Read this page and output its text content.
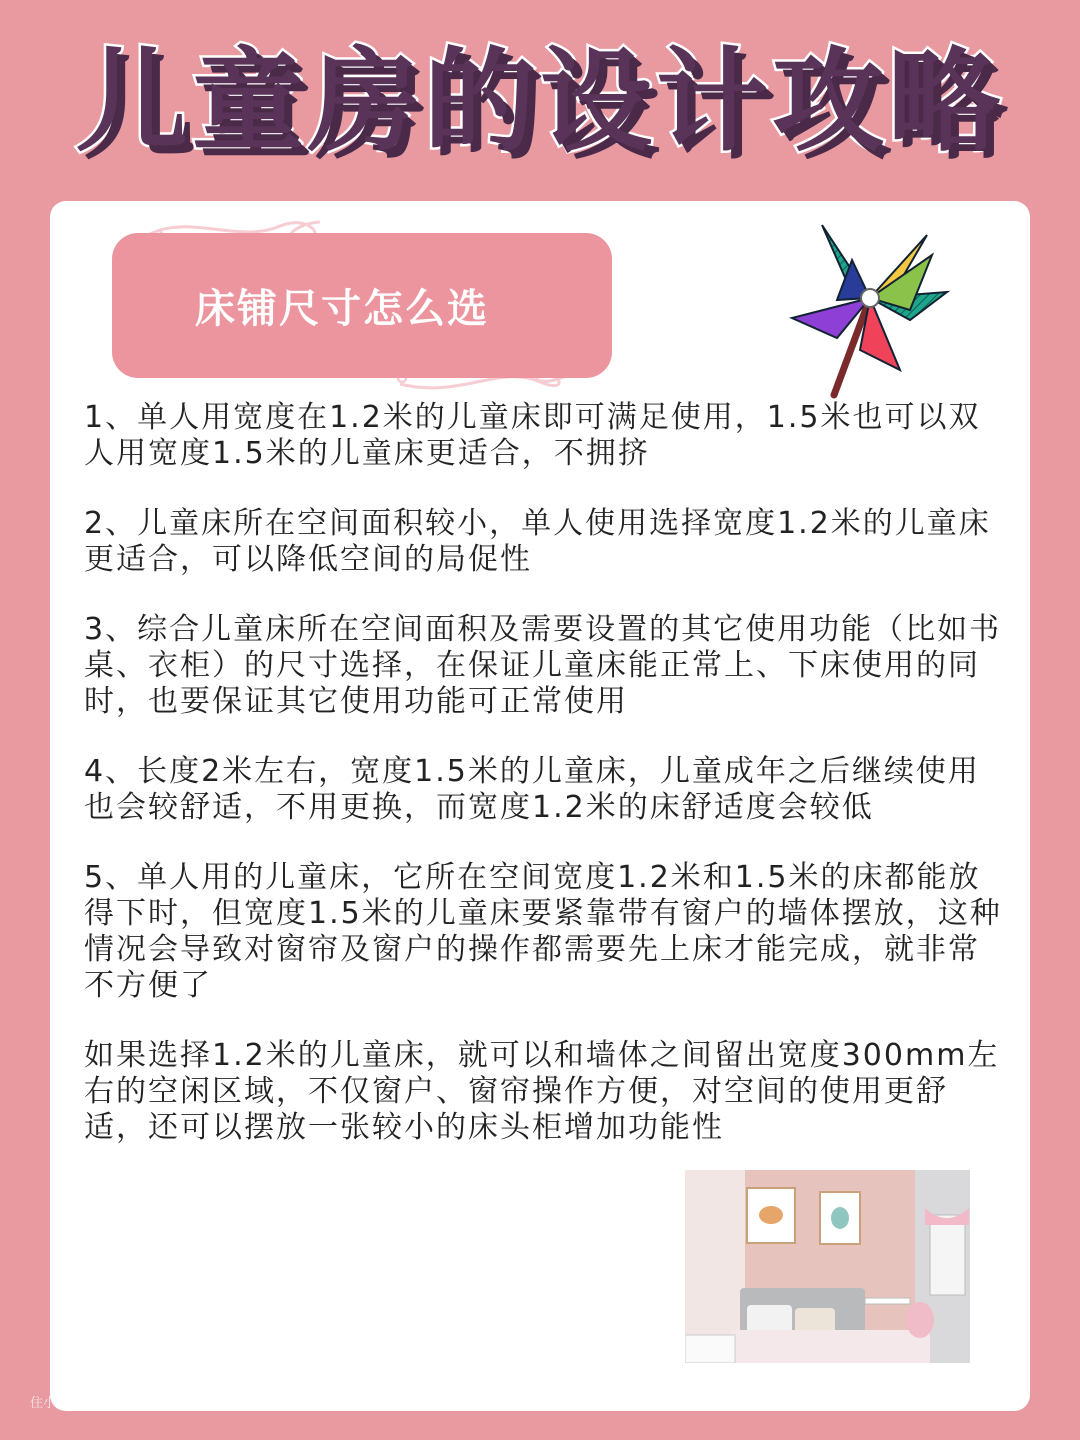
儿童房的设计攻略
床铺尺寸怎么选

1、单人用宽度在1.2米的儿童床即可满足使用，1.5米也可以双人用宽度1.5米的儿童床更适合，不拥挤

2、儿童床所在空间面积较小，单人使用选择宽度1.2米的儿童床更适合，可以降低空间的局促性

3、综合儿童床所在空间面积及需要设置的其它使用功能（比如书桌、衣柜）的尺寸选择，在保证儿童床能正常上、下床使用的同时，也要保证其它使用功能可正常使用

4、长度2米左右，宽度1.5米的儿童床，儿童成年之后继续使用也会较舒适，不用更换，而宽度1.2米的床舒适度会较低

5、单人用的儿童床，它所在空间宽度1.2米和1.5米的床都能放得下时，但宽度1.5米的儿童床要紧靠带有窗户的墙体摆放，这种情况会导致对窗帘及窗户的操作都需要先上床才能完成，就非常不方便了

如果选择1.2米的儿童床，就可以和墙体之间留出宽度300mm左右的空闲区域，不仅窗户、窗帘操作方便，对空间的使用更舒适，还可以摆放一张较小的床头柜增加功能性

住小帮@富邦装饰（老房改造）
